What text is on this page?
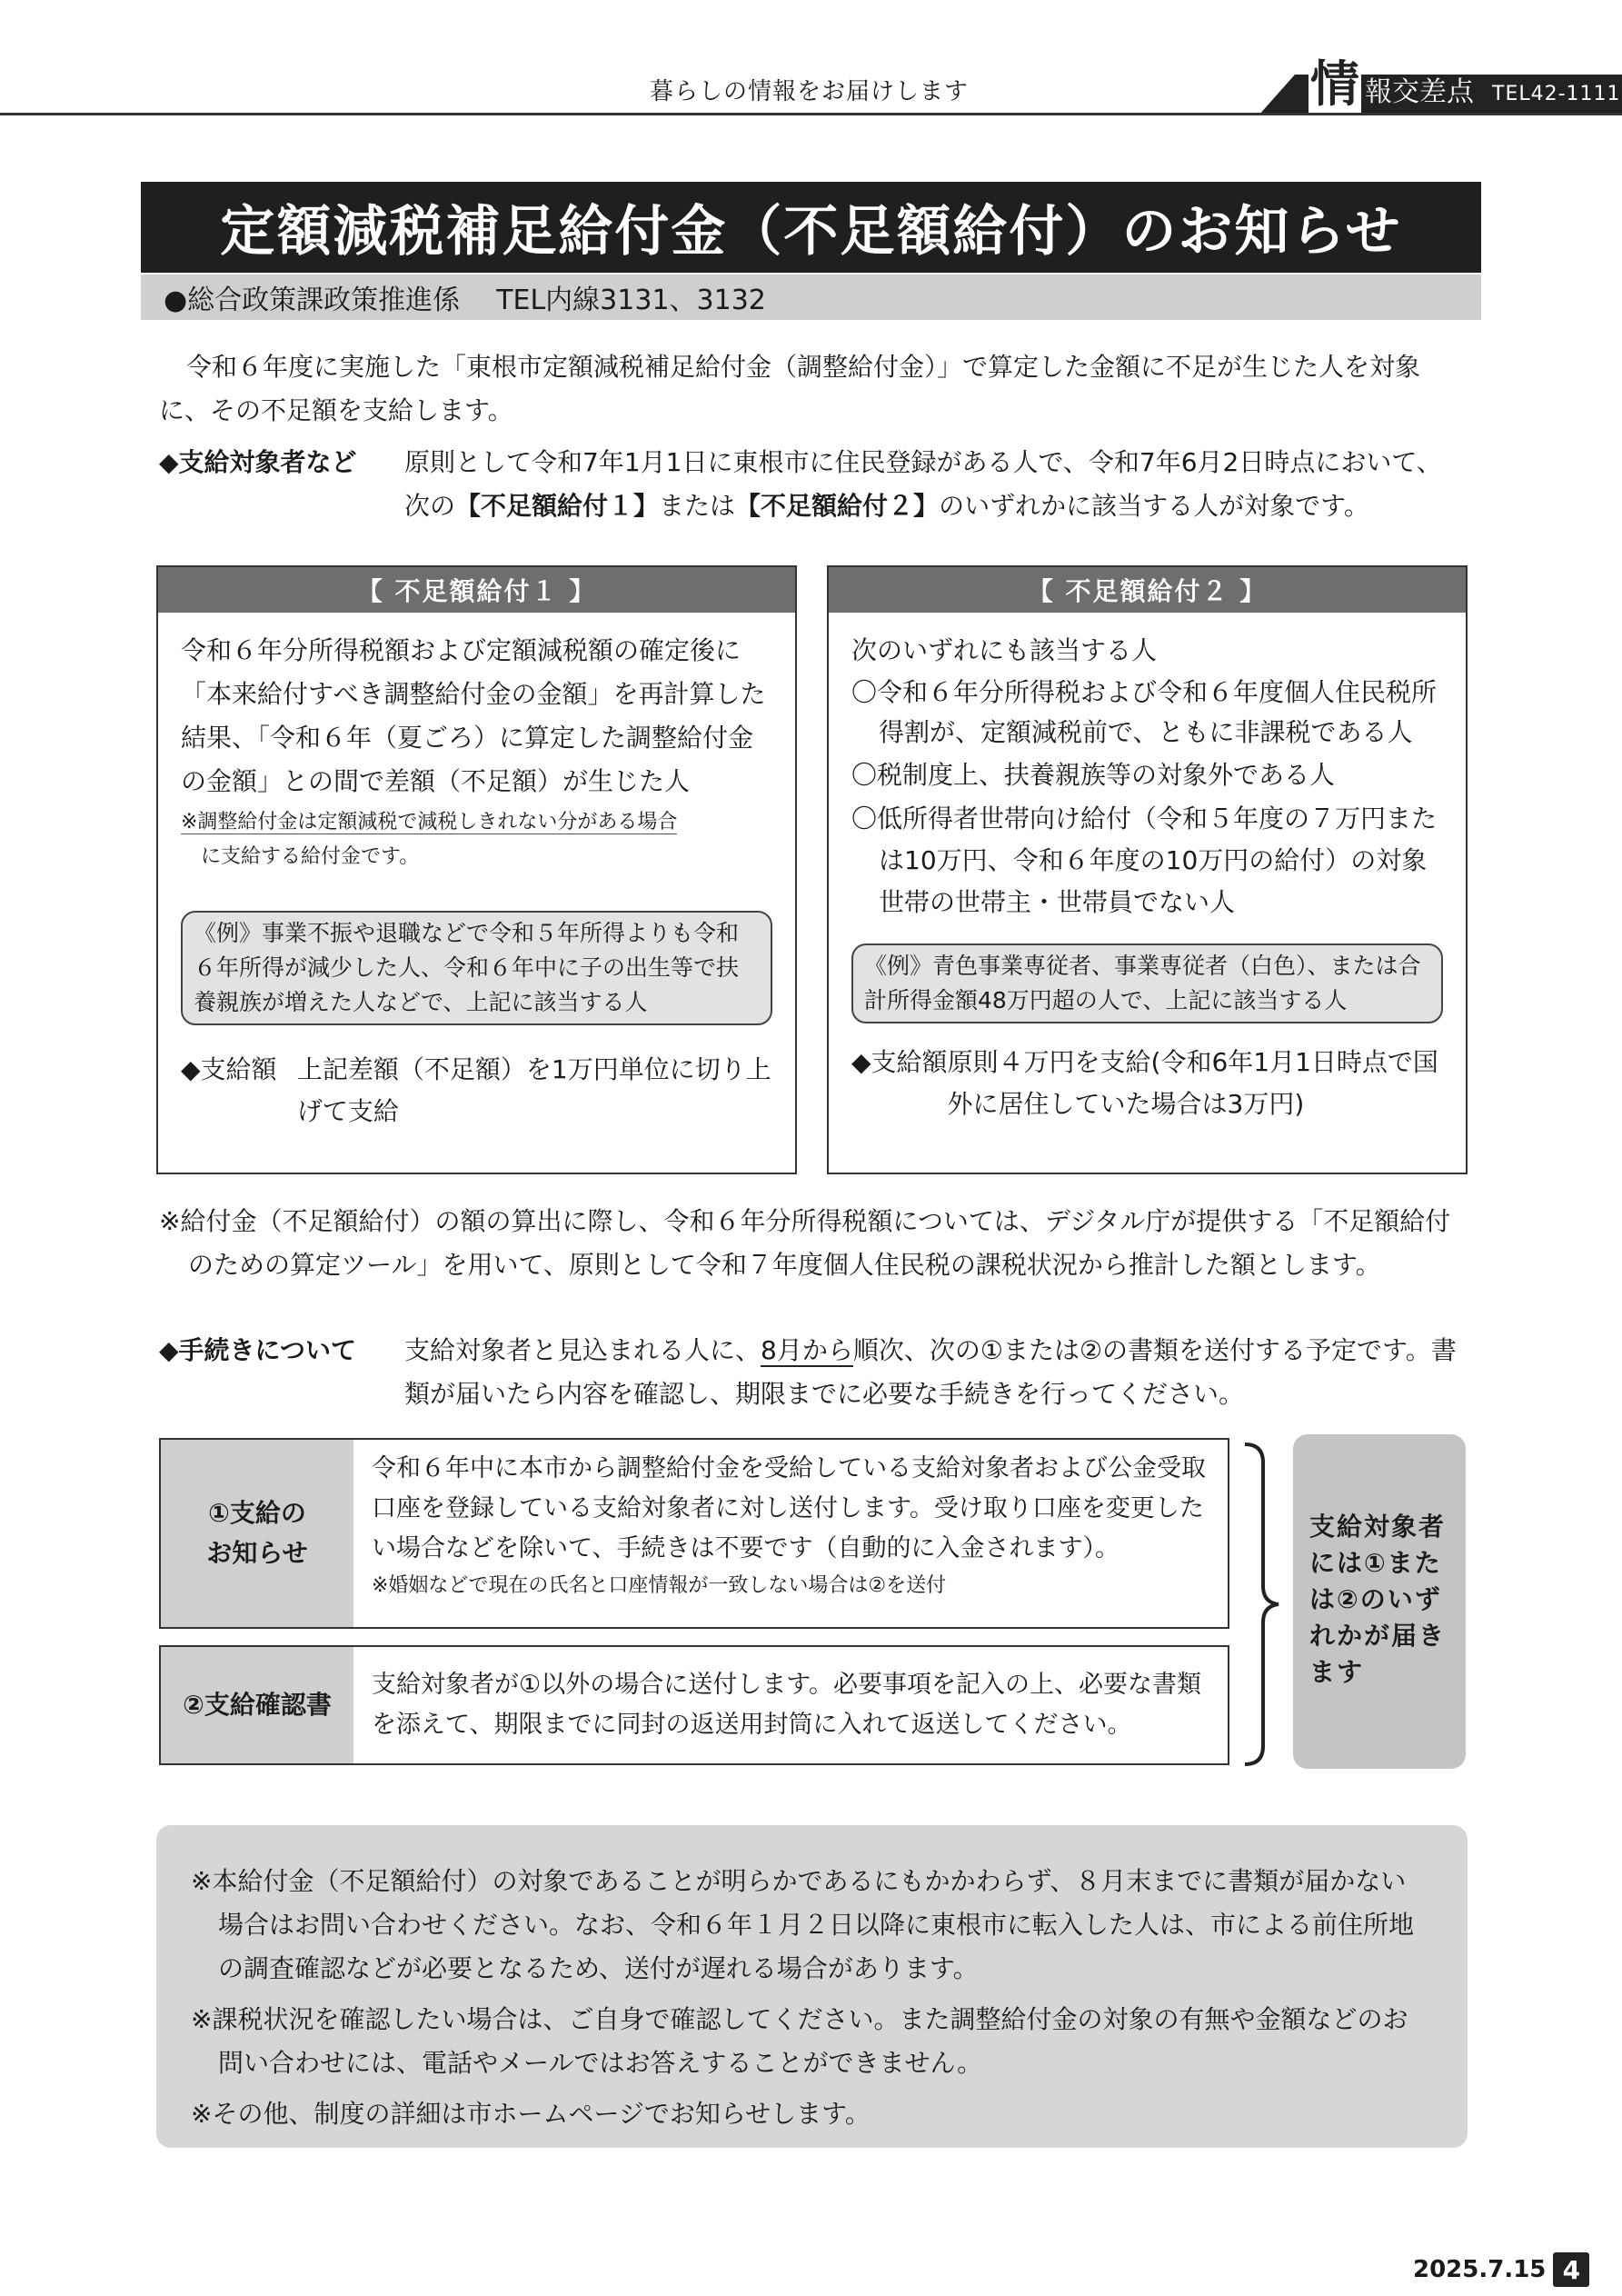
暮らしの情報をお届けします	情 報交差点 TEL42-1111
定額減税補足給付金（不足額給付）のお知らせ
●総合政策課政策推進係 TEL内線3131、3132
令和６年度に実施した「東根市定額減税補足給付金（調整給付金）」で算定した金額に不足が生じた人を対象に、その不足額を支給します。
◆支給対象者など	原則として令和7年1月1日に東根市に住民登録がある人で、令和7年6月2日時点において、次の【不足額給付１】または【不足額給付２】のいずれかに該当する人が対象です。
【 不足額給付１ 】
令和６年分所得税額および定額減税額の確定後に「本来給付すべき調整給付金の金額」を再計算した結果、「令和６年（夏ごろ）に算定した調整給付金の金額」との間で差額（不足額）が生じた人
※調整給付金は定額減税で減税しきれない分がある場合
に支給する給付金です。
《例》事業不振や退職などで令和５年所得よりも令和６年所得が減少した人、令和６年中に子の出生等で扶養親族が増えた人などで、上記に該当する人
◆支給額 上記差額（不足額）を1万円単位に切り上げて支給
【 不足額給付２ 】
次のいずれにも該当する人
〇令和６年分所得税および令和６年度個人住民税所得割が、定額減税前で、ともに非課税である人
〇税制度上、扶養親族等の対象外である人
〇低所得者世帯向け給付（令和５年度の７万円または10万円、令和６年度の10万円の給付）の対象世帯の世帯主・世帯員でない人
《例》青色事業専従者、事業専従者（白色）、または合計所得金額48万円超の人で、上記に該当する人
◆支給額 原則４万円を支給(令和6年1月1日時点で国外に居住していた場合は3万円)
※給付金（不足額給付）の額の算出に際し、令和６年分所得税額については、デジタル庁が提供する「不足額給付のための算定ツール」を用いて、原則として令和７年度個人住民税の課税状況から推計した額とします。
◆手続きについて	支給対象者と見込まれる人に、8月から順次、次の①または②の書類を送付する予定です。書類が届いたら内容を確認し、期限までに必要な手続きを行ってください。
①支給の
お知らせ
令和６年中に本市から調整給付金を受給している支給対象者および公金受取口座を登録している支給対象者に対し送付します。受け取り口座を変更したい場合などを除いて、手続きは不要です（自動的に入金されます）。
※婚姻などで現在の氏名と口座情報が一致しない場合は②を送付
②支給確認書
支給対象者が①以外の場合に送付します。必要事項を記入の上、必要な書類を添えて、期限までに同封の返送用封筒に入れて返送してください。
支給対象者には①または②のいずれかが届きます
※本給付金（不足額給付）の対象であることが明らかであるにもかかわらず、８月末までに書類が届かない場合はお問い合わせください。なお、令和６年１月２日以降に東根市に転入した人は、市による前住所地の調査確認などが必要となるため、送付が遅れる場合があります。
※課税状況を確認したい場合は、ご自身で確認してください。また調整給付金の対象の有無や金額などのお問い合わせには、電話やメールではお答えすることができません。
※その他、制度の詳細は市ホームページでお知らせします。
2025.7.15 4
